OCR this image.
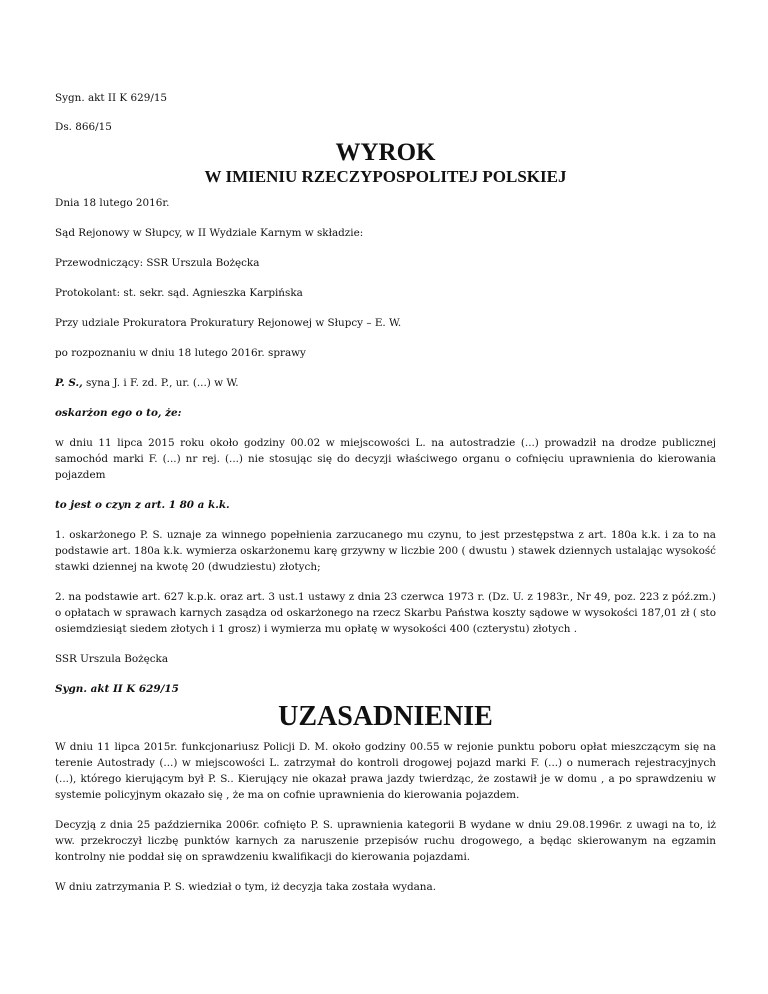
Sygn. akt II K 629/15

Ds. 866/15

WYROK
W IMIENIU RZECZYPOSPOLITEJ POLSKIEJ

Dnia 18 lutego 2016r.

Sąd Rejonowy w Słupcy, w II Wydziale Karnym w składzie:

Przewodniczący: SSR Urszula Bożęcka

Protokolant: st. sekr. sąd. Agnieszka Karpińska

Przy udziale Prokuratora Prokuratury Rejonowej w Słupcy – E. W.

po rozpoznaniu w dniu 18 lutego 2016r. sprawy

P. S., syna J. i F. zd. P., ur. (...) w W.

oskarżon ego o to, że:

w dniu 11 lipca 2015 roku około godziny 00.02 w miejscowości L. na autostradzie (...) prowadził na drodze publicznej samochód marki F. (...) nr rej. (...) nie stosując się do decyzji właściwego organu o cofnięciu uprawnienia do kierowania pojazdem

to jest o czyn z art. 1 80 a k.k.

1. oskarżonego P. S. uznaje za winnego popełnienia zarzucanego mu czynu, to jest przestępstwa z art. 180a k.k. i za to na podstawie art. 180a k.k. wymierza oskarżonemu karę grzywny w liczbie 200 ( dwustu ) stawek dziennych ustalając wysokość stawki dziennej na kwotę 20 (dwudziestu) złotych;

2. na podstawie art. 627 k.p.k. oraz art. 3 ust.1 ustawy z dnia 23 czerwca 1973 r. (Dz. U. z 1983r., Nr 49, poz. 223 z póź.zm.) o opłatach w sprawach karnych zasądza od oskarżonego na rzecz Skarbu Państwa koszty sądowe w wysokości 187,01 zł ( sto osiemdziesiąt siedem złotych i 1 grosz) i wymierza mu opłatę w wysokości 400 (czterystu) złotych .

SSR Urszula Bożęcka

Sygn. akt II K 629/15

UZASADNIENIE

W dniu 11 lipca 2015r. funkcjonariusz Policji D. M. około godziny 00.55 w rejonie punktu poboru opłat mieszczącym się na terenie Autostrady (...) w miejscowości L. zatrzymał do kontroli drogowej pojazd marki F. (...) o numerach rejestracyjnych (...), którego kierującym był P. S.. Kierujący nie okazał prawa jazdy twierdząc, że zostawił je w domu , a po sprawdzeniu w systemie policyjnym okazało się , że ma on cofnie uprawnienia do kierowania pojazdem.

Decyzją z dnia 25 października 2006r. cofnięto P. S. uprawnienia kategorii B wydane w dniu 29.08.1996r. z uwagi na to, iż ww. przekroczył liczbę punktów karnych za naruszenie przepisów ruchu drogowego, a będąc skierowanym na egzamin kontrolny nie poddał się on sprawdzeniu kwalifikacji do kierowania pojazdami.

W dniu zatrzymania P. S. wiedział o tym, iż decyzja taka została wydana.
